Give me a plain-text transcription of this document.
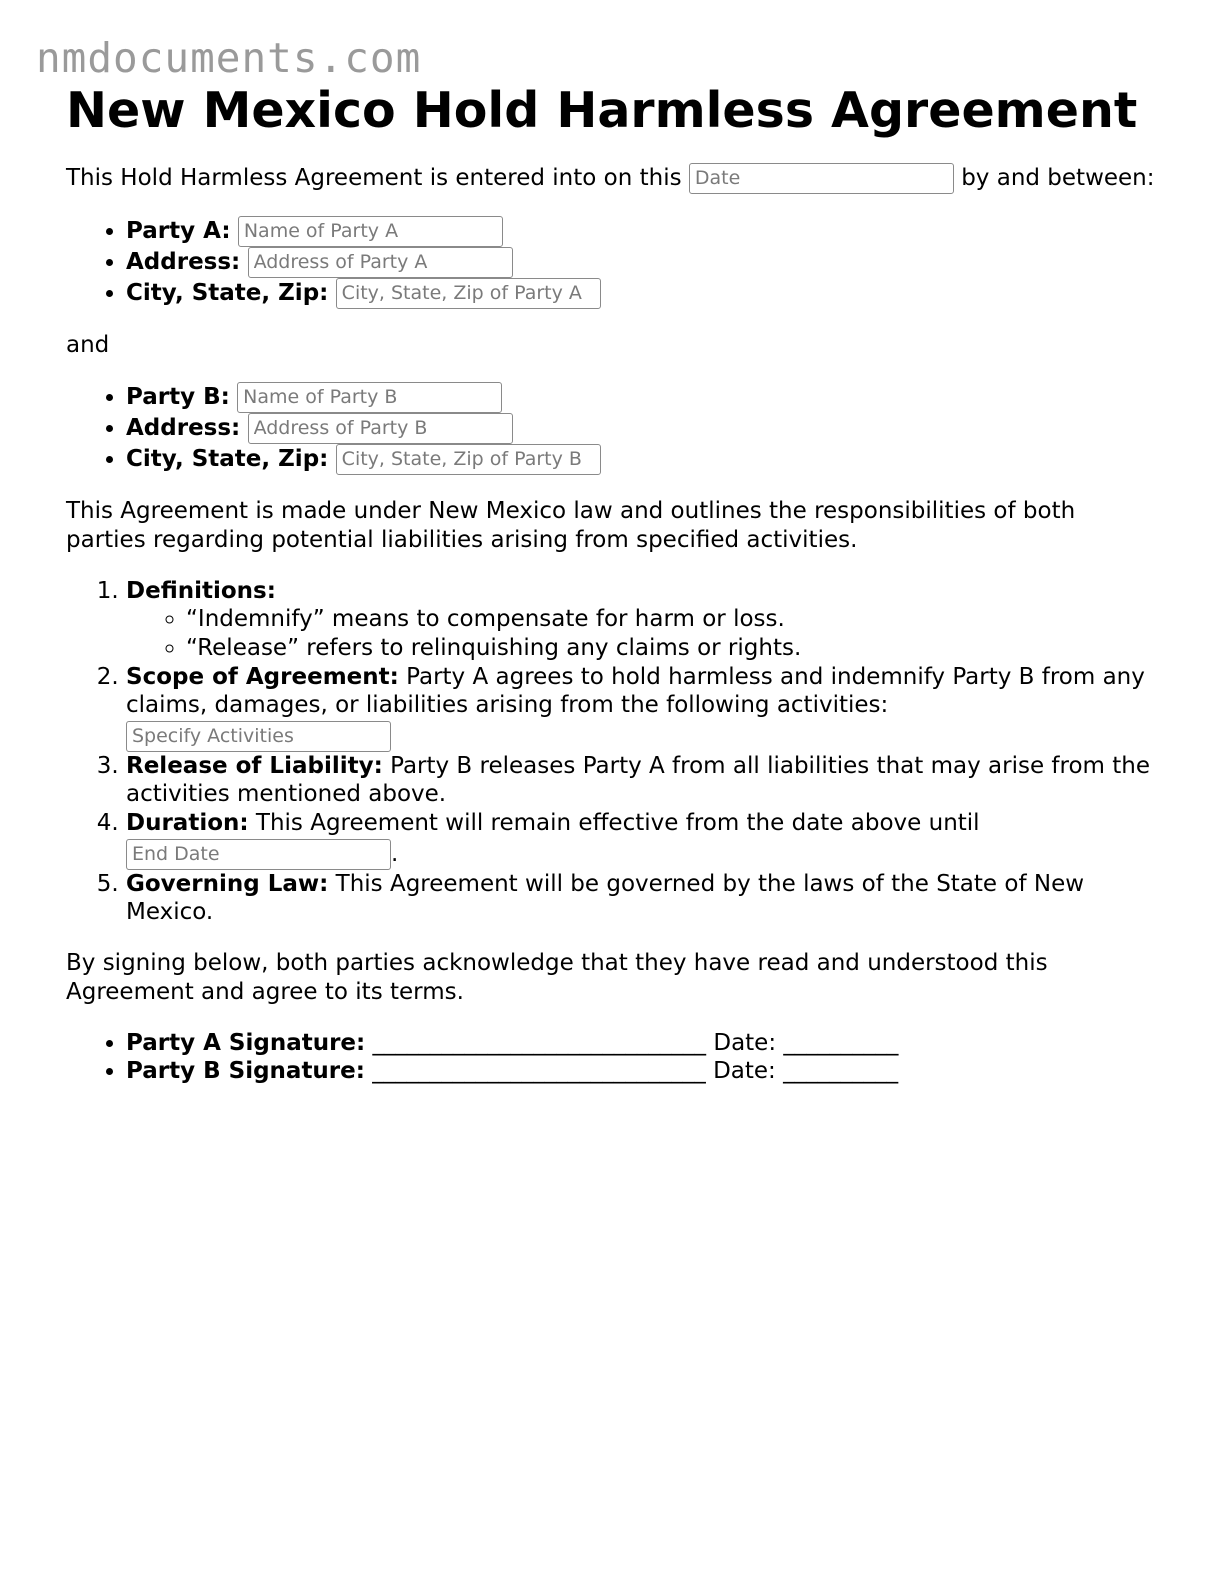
nmdocuments.com
New Mexico Hold Harmless Agreement

This Hold Harmless Agreement is entered into on this Date	by and between:

• Party A: Name of Party A
• Address: Address of Party A
• City, State, Zip: City, State, Zip of Party A

and

• Party B: Name of Party B
• Address: Address of Party B
• City, State, Zip: City, State, Zip of Party B

This Agreement is made under New Mexico law and outlines the responsibilities of both parties regarding potential liabilities arising from specified activities.

1. Definitions:
◦ “Indemnify” means to compensate for harm or loss.
◦ “Release” refers to relinquishing any claims or rights.
2. Scope of Agreement: Party A agrees to hold harmless and indemnify Party B from any claims, damages, or liabilities arising from the following activities:
Specify Activities
3. Release of Liability: Party B releases Party A from all liabilities that may arise from the activities mentioned above.
4. Duration: This Agreement will remain effective from the date above until
End Date.
5. Governing Law: This Agreement will be governed by the laws of the State of New Mexico.

By signing below, both parties acknowledge that they have read and understood this Agreement and agree to its terms.

• Party A Signature: _____________________________ Date: __________
• Party B Signature: _____________________________ Date: __________
